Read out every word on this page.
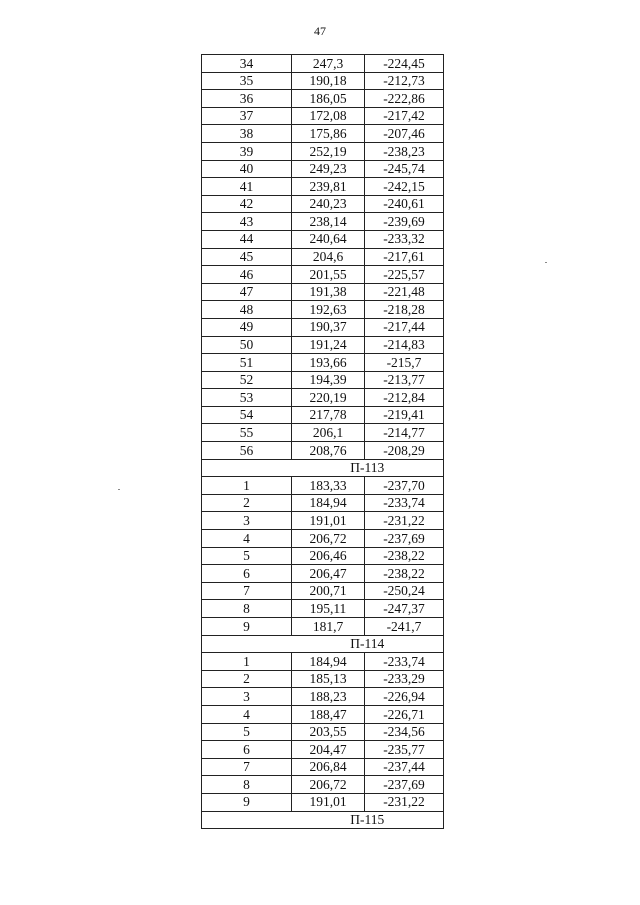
47
34	247,3	-224,45
35	190,18	-212,73
36	186,05	-222,86
37	172,08	-217,42
38	175,86	-207,46
39	252,19	-238,23
40	249,23	-245,74
41	239,81	-242,15
42	240,23	-240,61
43	238,14	-239,69
44	240,64	-233,32
45	204,6	-217,61
46	201,55	-225,57
47	191,38	-221,48
48	192,63	-218,28
49	190,37	-217,44
50	191,24	-214,83
51	193,66	-215,7
52	194,39	-213,77
53	220,19	-212,84
54	217,78	-219,41
55	206,1	-214,77
56	208,76	-208,29
	П-113	
1	183,33	-237,70
2	184,94	-233,74
3	191,01	-231,22
4	206,72	-237,69
5	206,46	-238,22
6	206,47	-238,22
7	200,71	-250,24
8	195,11	-247,37
9	181,7	-241,7
	П-114	
1	184,94	-233,74
2	185,13	-233,29
3	188,23	-226,94
4	188,47	-226,71
5	203,55	-234,56
6	204,47	-235,77
7	206,84	-237,44
8	206,72	-237,69
9	191,01	-231,22
	П-115	
